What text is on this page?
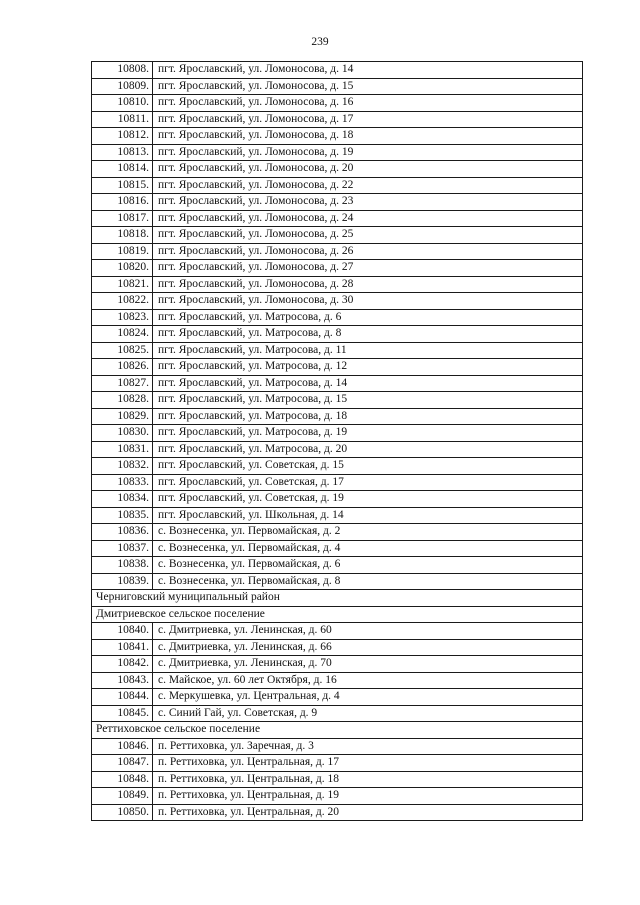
239
10808.	пгт. Ярославский, ул. Ломоносова, д. 14
10809.	пгт. Ярославский, ул. Ломоносова, д. 15
10810.	пгт. Ярославский, ул. Ломоносова, д. 16
10811.	пгт. Ярославский, ул. Ломоносова, д. 17
10812.	пгт. Ярославский, ул. Ломоносова, д. 18
10813.	пгт. Ярославский, ул. Ломоносова, д. 19
10814.	пгт. Ярославский, ул. Ломоносова, д. 20
10815.	пгт. Ярославский, ул. Ломоносова, д. 22
10816.	пгт. Ярославский, ул. Ломоносова, д. 23
10817.	пгт. Ярославский, ул. Ломоносова, д. 24
10818.	пгт. Ярославский, ул. Ломоносова, д. 25
10819.	пгт. Ярославский, ул. Ломоносова, д. 26
10820.	пгт. Ярославский, ул. Ломоносова, д. 27
10821.	пгт. Ярославский, ул. Ломоносова, д. 28
10822.	пгт. Ярославский, ул. Ломоносова, д. 30
10823.	пгт. Ярославский, ул. Матросова, д. 6
10824.	пгт. Ярославский, ул. Матросова, д. 8
10825.	пгт. Ярославский, ул. Матросова, д. 11
10826.	пгт. Ярославский, ул. Матросова, д. 12
10827.	пгт. Ярославский, ул. Матросова, д. 14
10828.	пгт. Ярославский, ул. Матросова, д. 15
10829.	пгт. Ярославский, ул. Матросова, д. 18
10830.	пгт. Ярославский, ул. Матросова, д. 19
10831.	пгт. Ярославский, ул. Матросова, д. 20
10832.	пгт. Ярославский, ул. Советская, д. 15
10833.	пгт. Ярославский, ул. Советская, д. 17
10834.	пгт. Ярославский, ул. Советская, д. 19
10835.	пгт. Ярославский, ул. Школьная, д. 14
10836.	с. Вознесенка, ул. Первомайская, д. 2
10837.	с. Вознесенка, ул. Первомайская, д. 4
10838.	с. Вознесенка, ул. Первомайская, д. 6
10839.	с. Вознесенка, ул. Первомайская, д. 8
Черниговский муниципальный район	
Дмитриевское сельское поселение	
10840.	с. Дмитриевка, ул. Ленинская, д. 60
10841.	с. Дмитриевка, ул. Ленинская, д. 66
10842.	с. Дмитриевка, ул. Ленинская, д. 70
10843.	с. Майское, ул. 60 лет Октября, д. 16
10844.	с. Меркушевка, ул. Центральная, д. 4
10845.	с. Синий Гай, ул. Советская, д. 9
Реттиховское сельское поселение	
10846.	п. Реттиховка, ул. Заречная, д. 3
10847.	п. Реттиховка, ул. Центральная, д. 17
10848.	п. Реттиховка, ул. Центральная, д. 18
10849.	п. Реттиховка, ул. Центральная, д. 19
10850.	п. Реттиховка, ул. Центральная, д. 20
